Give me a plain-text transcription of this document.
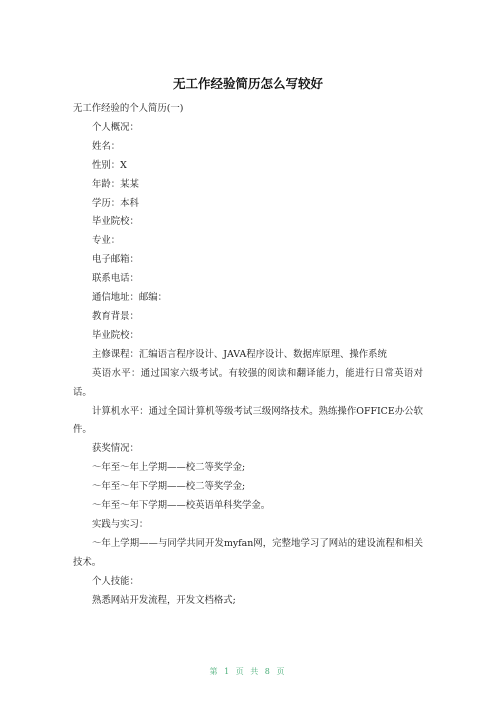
无工作经验简历怎么写较好

无工作经验的个人简历(一)

个人概况：

姓名：

性别：X

年龄：某某

学历：本科

毕业院校：

专业：

电子邮箱：

联系电话：

通信地址：邮编：

教育背景：

毕业院校：

主修课程：汇编语言程序设计、JAVA程序设计、数据库原理、操作系统

英语水平：通过国家六级考试。有较强的阅读和翻译能力，能进行日常英语对话。

计算机水平：通过全国计算机等级考试三级网络技术。熟练操作OFFICE办公软件。

获奖情况：

～年至～年上学期——校二等奖学金;

～年至～年下学期——校二等奖学金;

～年至～年下学期——校英语单科奖学金。

实践与实习：

～年上学期——与同学共同开发myfan网，完整地学习了网站的建设流程和相关技术。

个人技能：

熟悉网站开发流程，开发文档格式;

第 1 页 共 8 页
